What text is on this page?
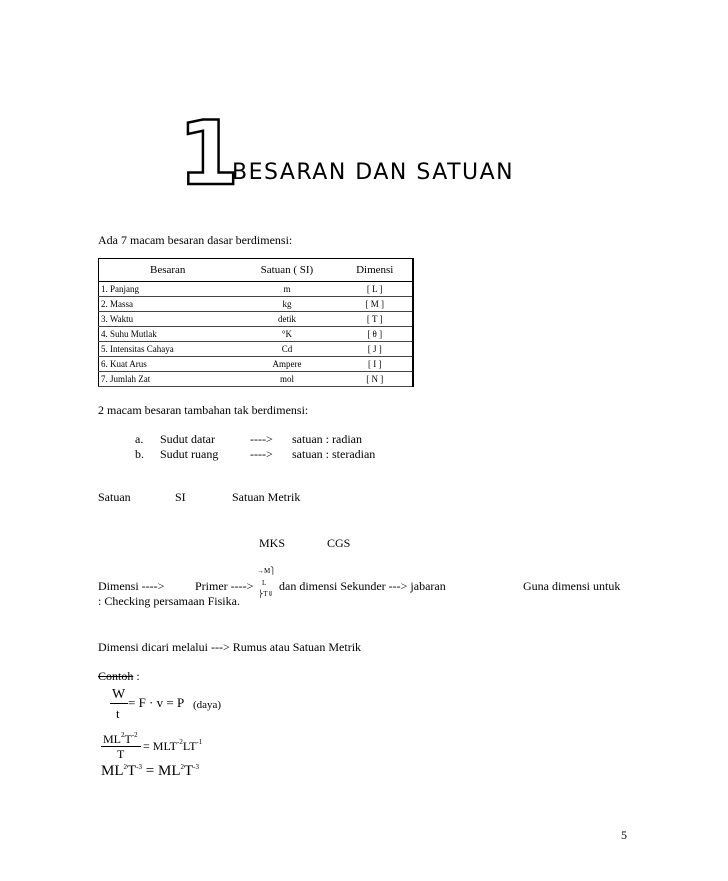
1
BESARAN DAN SATUAN
Ada 7 macam besaran dasar berdimensi:
Besaran	Satuan ( SI)	Dimensi
1. Panjang	m	[ L ]
2. Massa	kg	[ M ]
3. Waktu	detik	[ T ]
4. Suhu Mutlak	°K	[ θ ]
5. Intensitas Cahaya	Cd	[ J ]
6. Kuat Arus	Ampere	[ I ]
7. Jumlah Zat	mol	[ N ]
2 macam besaran tambahan tak berdimensi:
a. Sudut datar	----> satuan : radian
b. Sudut ruang	----> satuan : steradian
Satuan	SI	Satuan Metrik
MKS	CGS
Dimensi ---->	Primer ---->
→M⎫
L
⎬T⇓
dan dimensi Sekunder ---> jabaran	Guna dimensi untuk
: Checking persamaan Fisika.
Dimensi dicari melalui ---> Rumus atau Satuan Metrik
Contoh :
W
t
= F · v = P (daya)
$ML^2T^{-2}$
T
= $MLT^{-2}LT^{-1}$
$ML^2T^{-3} = ML^2T^{-3}$
5
